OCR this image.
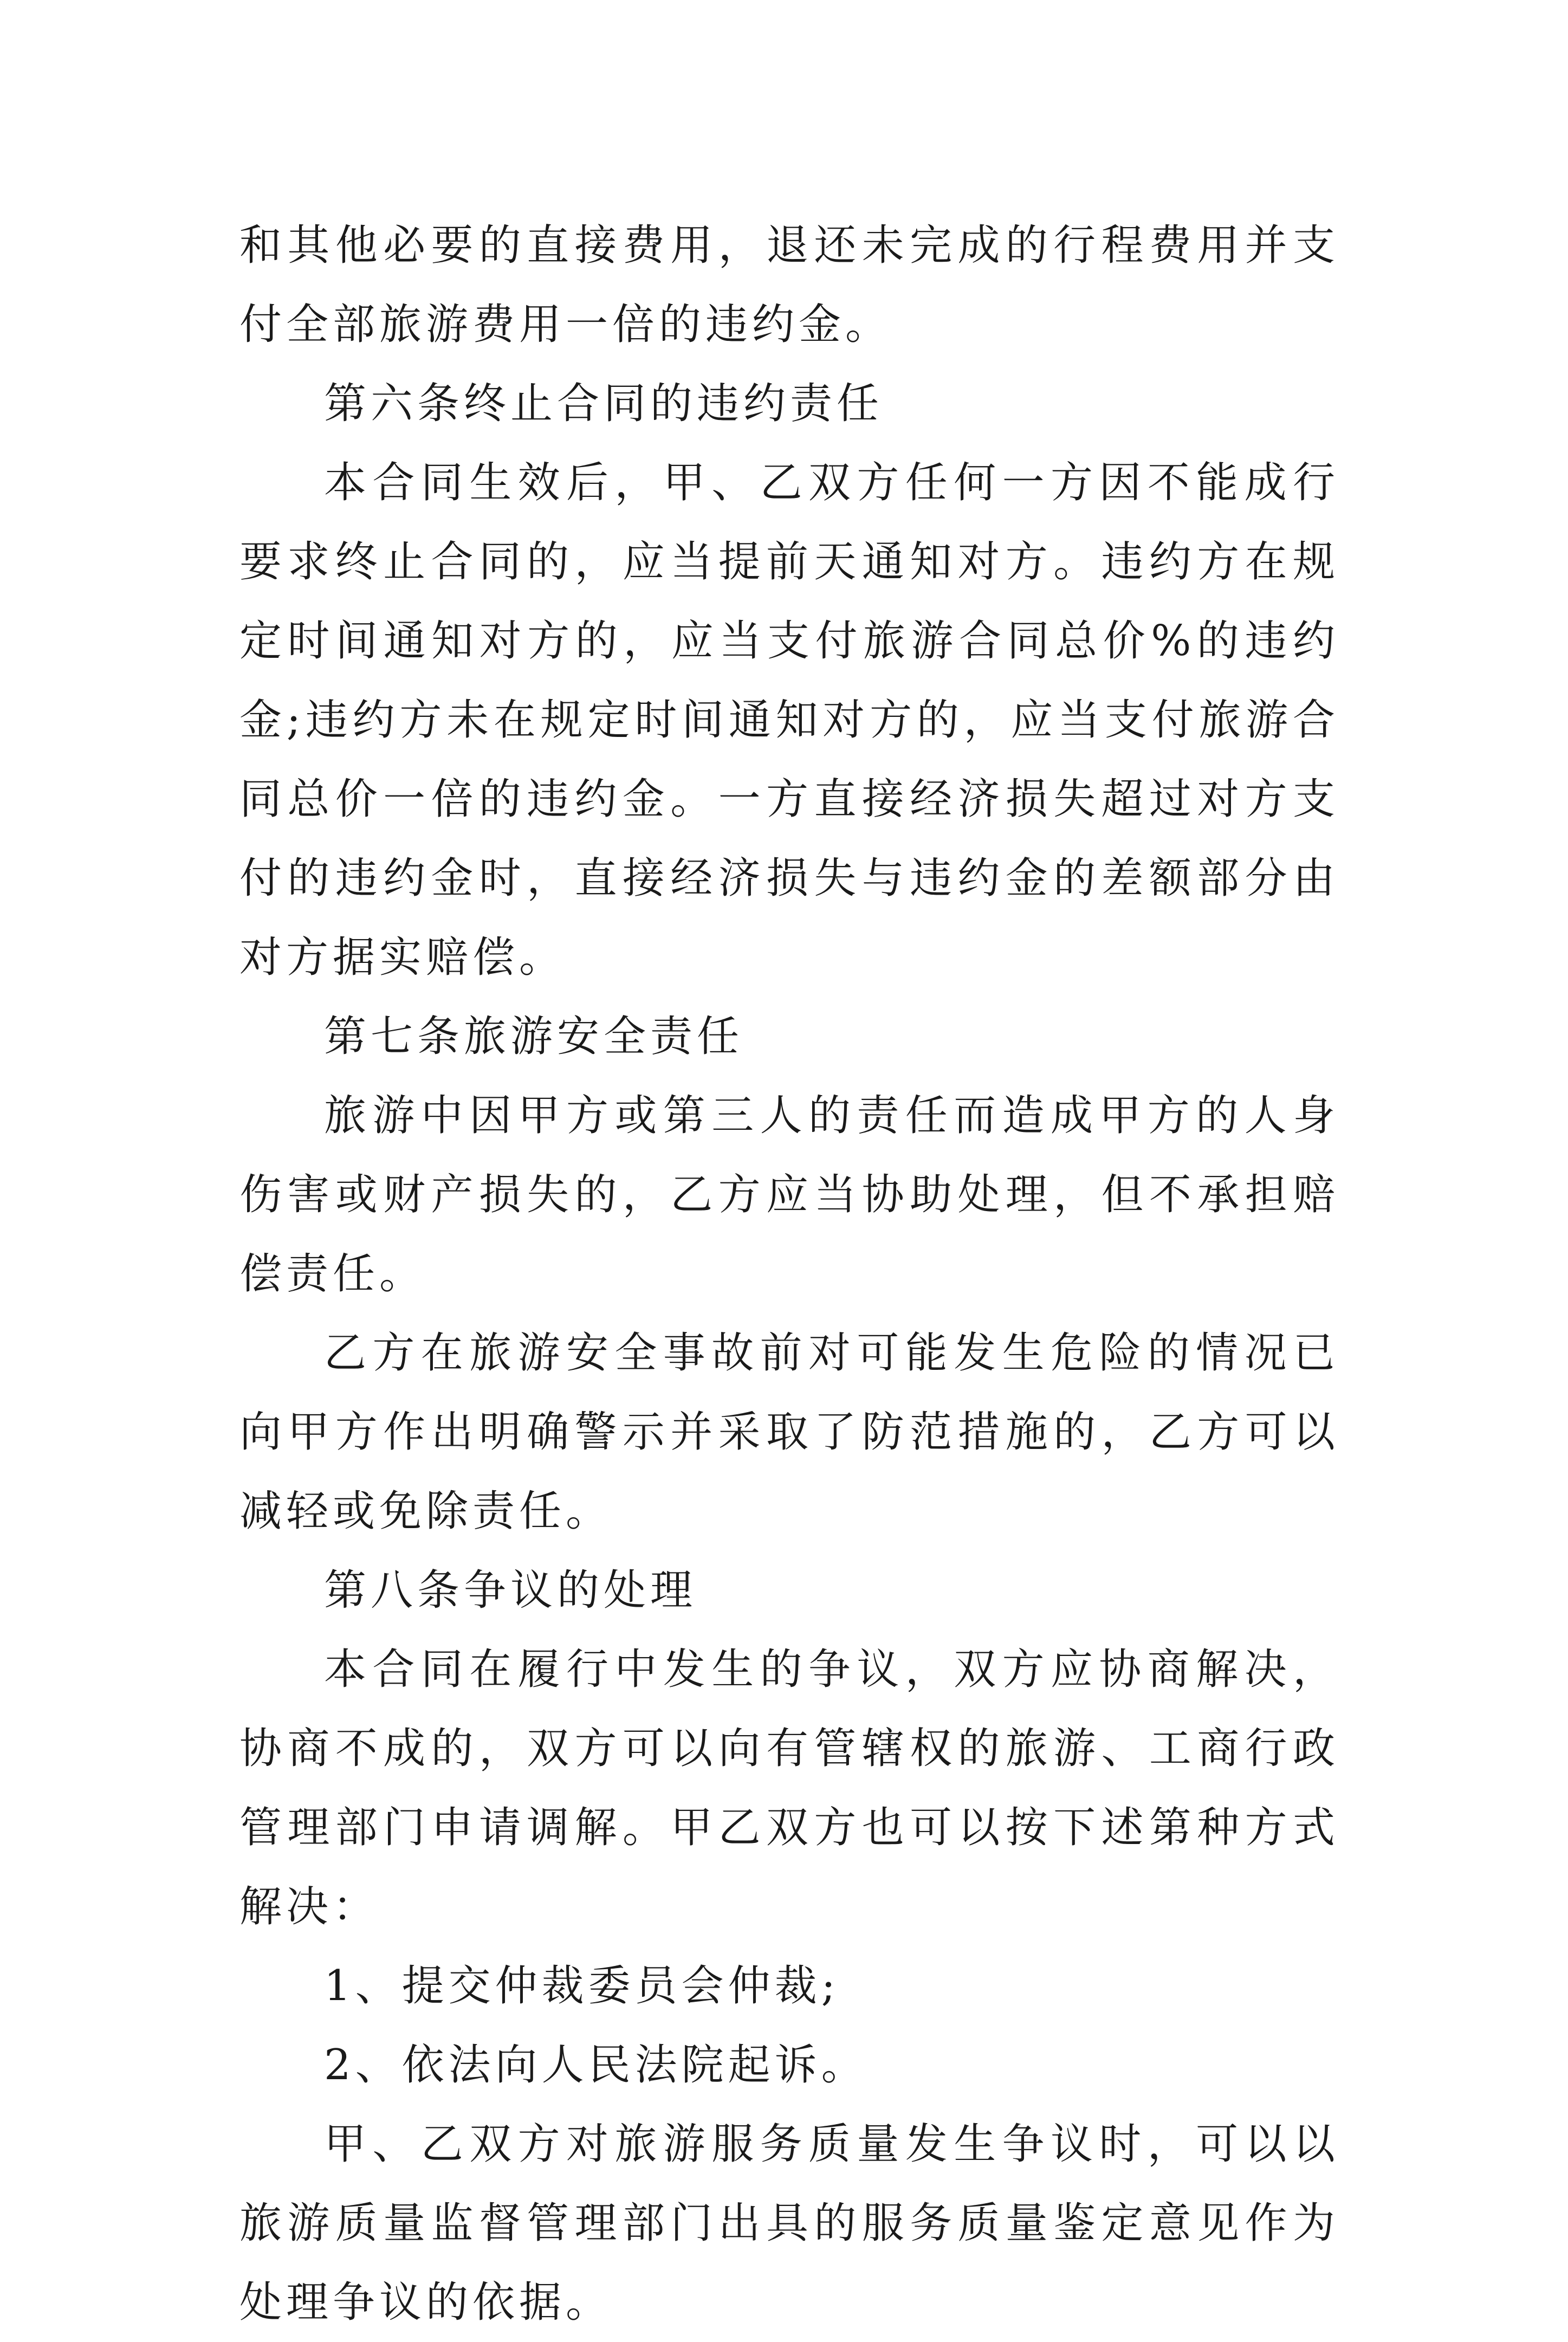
和其他必要的直接费用，退还未完成的行程费用并支付全部旅游费用一倍的违约金。

第六条终止合同的违约责任

本合同生效后，甲、乙双方任何一方因不能成行要求终止合同的，应当提前天通知对方。违约方在规定时间通知对方的，应当支付旅游合同总价%的违约金;违约方未在规定时间通知对方的，应当支付旅游合同总价一倍的违约金。一方直接经济损失超过对方支付的违约金时，直接经济损失与违约金的差额部分由对方据实赔偿。

第七条旅游安全责任

旅游中因甲方或第三人的责任而造成甲方的人身伤害或财产损失的，乙方应当协助处理，但不承担赔偿责任。

乙方在旅游安全事故前对可能发生危险的情况已向甲方作出明确警示并采取了防范措施的，乙方可以减轻或免除责任。

第八条争议的处理

本合同在履行中发生的争议，双方应协商解决，协商不成的，双方可以向有管辖权的旅游、工商行政管理部门申请调解。甲乙双方也可以按下述第种方式解决：

1、提交仲裁委员会仲裁;

2、依法向人民法院起诉。

甲、乙双方对旅游服务质量发生争议时，可以以旅游质量监督管理部门出具的服务质量鉴定意见作为处理争议的依据。
